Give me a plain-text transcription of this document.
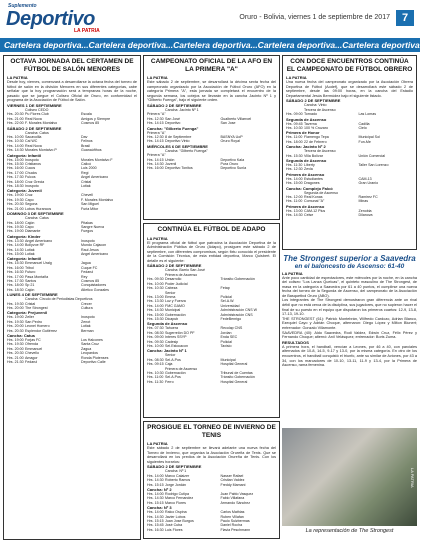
Suplemento
Deportivo
LA PATRIA
Oruro - Bolivia, viernes 1 de septiembre de 2017	7
Cartelera deportiva...Cartelera deportiva...Cartelera deportiva...Cartelera deportiva...Cartelera deportiva...
OCTAVA JORNADA DEL CERTAMEN DE FÚTBOL DE SALÓN MENORES
LA PATRIA
Desde hoy, viernes, comenzará a desarrollarse la octava fecha del torneo de fútbol de salón en la división Menores en sus diferentes categorías, cabe señalar que la hoy programación será a tempranas horas de la noche, pasado que se juegue el Coliseo Oficial de Oruro, en conformidad el programa de la Asociación de Fútbol de Salón.
VIERNES 1 DE SEPTIEMBRE
Coliseo CEDO
Hrs. 20:30 Pu Flores Club	Escala
Hrs. 21:00 Real Nova	Amigos y Siempre
Hrs. 22:00 F. Morales Montalvo	Cosmos 85
SÁBADO 2 DE SEPTIEMBRE
Cancha: Catus
Hrs. 10:00 Sacavollla	Dav
Hrs. 10:30 Cal WC	Felinos
Hrs. 14:00 Real Nova	Brasil
Hrs. 14:30 Morales Montalvo P	Guanaúfthos
Categoría: Infantil
Hrs. 15:00 Inospoto	Morales Montalvo F
Hrs. 15:30 Cristianos	Calicó
Hrs. 16:00 Cucos	Luis 2000
Hrs. 17:00 Chucks	Regi
Hrs. 17:30 Fulcos	Angel Americano
Hrs. 18:00 Cruz Grecia	Cristal
Hrs. 18:30 Inospoto	Lotiak
Categoría: Juvenil
Hrs. 19:00 Cruz	Chevell
Hrs. 19:30 Capo	F. Morales Montalvo
Hrs. 20:30 Segona	San Miguel
Hrs. 21:00 Lobos Hurancos	Furia Mitor
DOMINGO 3 DE SEPTIEMBRE
Cancha: Catus
Hrs. 18:00 Cajón	Pitakas
Hrs. 19:30 Capo	Sangre Nueva
Hrs. 19:00 Diamante	Fuegos
Categoría: Kinder
Hrs. 13:30 Angel Americano	Inospoto
Hrs. 14:00 Bollyvoe RF	Mundo Cajacon
Hrs. 14:30 Lotiak	Raul Jesus
Hrs. 15:00 Lotiak	Angel Americano
Categoría: Infantil
Hrs. 15:30 Emmanuel Uralg	Jagua
Hrs. 16:00 Tribol	Cuque FC
Hrs. 16:30 Futuro	Fedarul
Hrs. 17:00 Pasa Montaña	Rey
Hrs. 17:30 Santos	Cosmos 85
Hrs. 18:00 Sp 21	Conquistadores
Hrs. 18:30 Cajón	Atletico Gonzales
LUNES 4 DE SEPTIEMBRE
Cancha: Circulo de Periodistas Deportivos
Hrs. 19:30 Cristal	Crecer
Hrs. 20:00 The Strongest	Cultura
Categoría: Prejuvenil
Hrs. 19:00 Zeller	Inospoto
Hrs. 19:30 San Pedro	Zenot
Hrs. 20:00 Leonel Homero	Lotiak
Hrs. 20:30 Esplendor Gutiérrez	Berman
Cancha: Catus
Hrs. 19:00 Forjas FC	Los Halcones
Hrs. 19:30 Ofrenda	Santa Cruz
Hrs. 20:00 Emmanuel	Zagua
Hrs. 20:30 Chevello	Leopardos
Hrs. 21:00 Amagor	Ronda Piutenses
Hrs. 21:30 Fedarul	Deportivo Calle
CAMPEONATO OFICIAL DE LA AFO EN LA PRIMERA "A"
LA PATRIA
Este sábado 2 de septiembre, se desarrollará la décima sexta fecha del campeonato organizado por la Asociación de Fútbol Oruro (AFO) en la categoría Primera "A", esta jornada se completará el encuentro de la segunda semana, los cotejos se llevarán en la cancha Jacinto Nº 1 y "Gilberto Fuenga", bajo el siguiente orden.
SÁBADO 2 DE SEPTIEMBRE
Cancha: Jacinto Nº 1
Primera "A"
Hrs. 12:30 San José	Gualberto Villarroel
Hrs. 14:15 Deportivo	San Jose
Cancha: "Gilberto Fuenga"
Primera "A"
Hrs. 12:30 8 de Septiembre	BASNYA UoP
Hrs. 14:15 Deportivo Vinto	Oruro Royal
MIÉRCOLES 6 DE SEPTIEMBRE
Cancha: "Gilberto Fuenga"
Primera "A"
Hrs. 14:15 Unión	Deportivo Kala
Hrs. 14:30 Juvenil	Pura Oruro
Hrs. 16:00 Deportivo Tonitos	Deportivo Sunla
CONTINÚA EL FÚTBOL DE ADAPO
LA PATRIA
El programa oficial de fútbol que patrocina la Asociación Deportiva de la Administración Pública de Oruro (Adapo), prosiguen este sábado 2 de septiembre, con diferentes compromisos, según fixtu conocido el presidente de la Comisión Técnica, de esta entidad deportiva, Marco Quisbert. El detalle es el siguiente:
SÁBADO 2 DE SEPTIEMBRE
Cancha: Barrio San José
Primera de Ascenso
Hrs. 09:30 Desarrollo	Tránsito Gobernación
Hrs. 10:00 Poder Judicial
Hrs. 10:30 Cabeza	Fetap
Senior
Hrs. 13:00 Emma	Policial
Hrs. 13:30 Luz y Fuerza	Sel.A.W.
Hrs. 14:00 FMC GAMO	Universidad
Hrs. 14:30 Municipal	Administración CNS W
Hrs. 15:00 Gobernación	Administración CNS
Hrs. 15:30 Dicapub	FedeBenrigo
Segunda de Ascenso
Hrs. 07:30 Tahuera	Recolap CNS
Hrs. 08:30 Sugerrelón DO PF	Jordan
Hrs. 09:00 Interes SSYP	Enda SEC
Hrs. 09:30 Cadesip	Policial
Hrs. 10:00 Sel.Estocacon	Taxisio
Cancha: Jacinto Nº 1
Senior
Hrs. 08:30 Sel.A.Pos	Municipal
Hrs. 09:15 Caja	Hospital General
Primera de Ascenso
Hrs. 10:30 Gobernación	Tribunal de Cuentas
Hrs. 11:00 Sel.A.Pos	Tránsito Gobernación
Hrs. 11:30 Ferro	Hospital General
PROSIGUE EL TORNEO DE INVIERNO DE TENIS
LA PATRIA
Este sábado 2 de septiembre se llevará adelante una nueva fecha del Torneo de Invierno, que organiza la Asociación Orureña de Tenis. Que se desarrollará en los predios de la Asociación Orureña de Tenis. Con los siguientes horarios:
SÁBADO 2 DE SEPTIEMBRE
Cancha: Nº 1
Hrs. 14:00 Marco Calaizer	Nasser Rafael
Hrs. 14:30 Roberto Ramos	Cristian Valdez
Hrs. 15:15 Jorge Jordán	Freddy Mamani
Cancha: Nº 2
Hrs. 14:00 Rodrigo Cutipa	Juan Pablo Vasquez
Hrs. 14:30 Marco Fernandez	Fabio Villafana
Hrs. 15:15 Marco Flores	Armando Sánchez
Cancha: Nº 3
Hrs. 14:00 Ralco Ospina	Carlos Mathias
Hrs. 14:30 Javier Lobos	Ruben Villafan
Hrs. 15:15 Juan Jose Burgos	Paulo Sulzbermas
Hrs. 15:45 José Cuba	Daniel Rocha
Hrs. 16:30 Luis Flores	Flavia Peschmann
CON DOCE ENCUENTROS CONTINÚA EL CAMPEONATO DE FÚTBOL OBRERO
LA PATRIA
Una nueva fecha del campeonato organizado por la Asociación Obrera Deportiva de Fútbol (Aodef), que se desarrollará este sábado 2 de septiembre, desde las 09:00 horas, en la cancha del Estadio Departamental Jesús Bermúdez bajo el siguiente listado.
SÁBADO 2 DE SEPTIEMBRE
Cancha: Vinto
Tercera de Ascenso
Hrs. 09:00 Tornado	Las Lomas
Segunda de Ascenso
Hrs. 09:45 Taverna	Cadilla
Hrs. 10:30 100 % Cruzaro	Cielo
Primera de Honor
Hrs. 11:00 Flamengo Tepa	Municipal Sol
Hrs. 18:00 22 de Febrero	Fun-Me
Cancha: Jacinto Nº 2
Tercera de Ascenso
Hrs. 15:30 Villa Bolívar	Unión Comercial
Segunda de Ascenso
Hrs. 11:30 Liberty	Taller San Lorenzo
Hrs. 12:30 Zevla
Primera de Ascenso
Hrs. 14:00 Estudiantes	CAM-13
Hrs. 15:00 Dragones	Gran Uranio
Cancha: Complejo Falcó
Segunda de Ascenso
Hrs. 12:00 Real Konas	Ramirez FC
Hrs. 11:00 Comunal "A"	Minas
Primera de Ascenso
Hrs. 13:00 CAM-12 Plus	Zenobia
Hrs. 14:30 Celse	Dilanova
The Strongest superior a Saavedra
en el baloncesto de Ascenso: 61-40
LA PATRIA
Ante poco cantidad de espectadores, este miércoles por la noche, en la cancha del coliseo "Los Lanza Quelcas", el quinteto masculino de The Strongest, de masa en la categoría a Saavedra por 61 a 40 puntos, el cumplirse una nueva fecha del torneo de la Segunda de Ascenso, del campeonato de la Asociación de Basquetbol Oruro (ABO).
Los integrantes de The Strongest demostraron gran diferencia ante un rival débil que no está cerca de la disciplina, sus jugadores, que no supieron hacer el final de su puesto en el equipo que disputaron los primeros cuartos: 12-9, 13-8, 17-13, 19-10.
THE STRONGEST (61): Patrick Montebrán, Wilfredo Cardozo, Adrian Blanco, Ezequiel Cayo y Adrián Choque, alternaron: Diego López y Milton Blunert; entrenador: Gonzalo Villamonte.
SAAVEDRA (40): Aldo Saavedra, Rodi Valdez, Edwin Cruz, Félix Pérez y Fernando Choque; alternó: Aníl Velásquez; entrenador: Boris Zuma.
RESULTADOS
A primera hora, el handball, vencían a Leones, por 46 a 40, con parciales alternados de 10-8, 14-5, 9-17 y 13-0, por la misma categoría. En otro de los encuentros, el handball conquistó el triunfo, ante su similar de Aviones, por 43 a 34, con los marcadores de 10-10, 13-11, 11-9 y 13-4, por la Primera de Ascenso, rama femenina.
LA PATRIA
La representación de The Strongest
